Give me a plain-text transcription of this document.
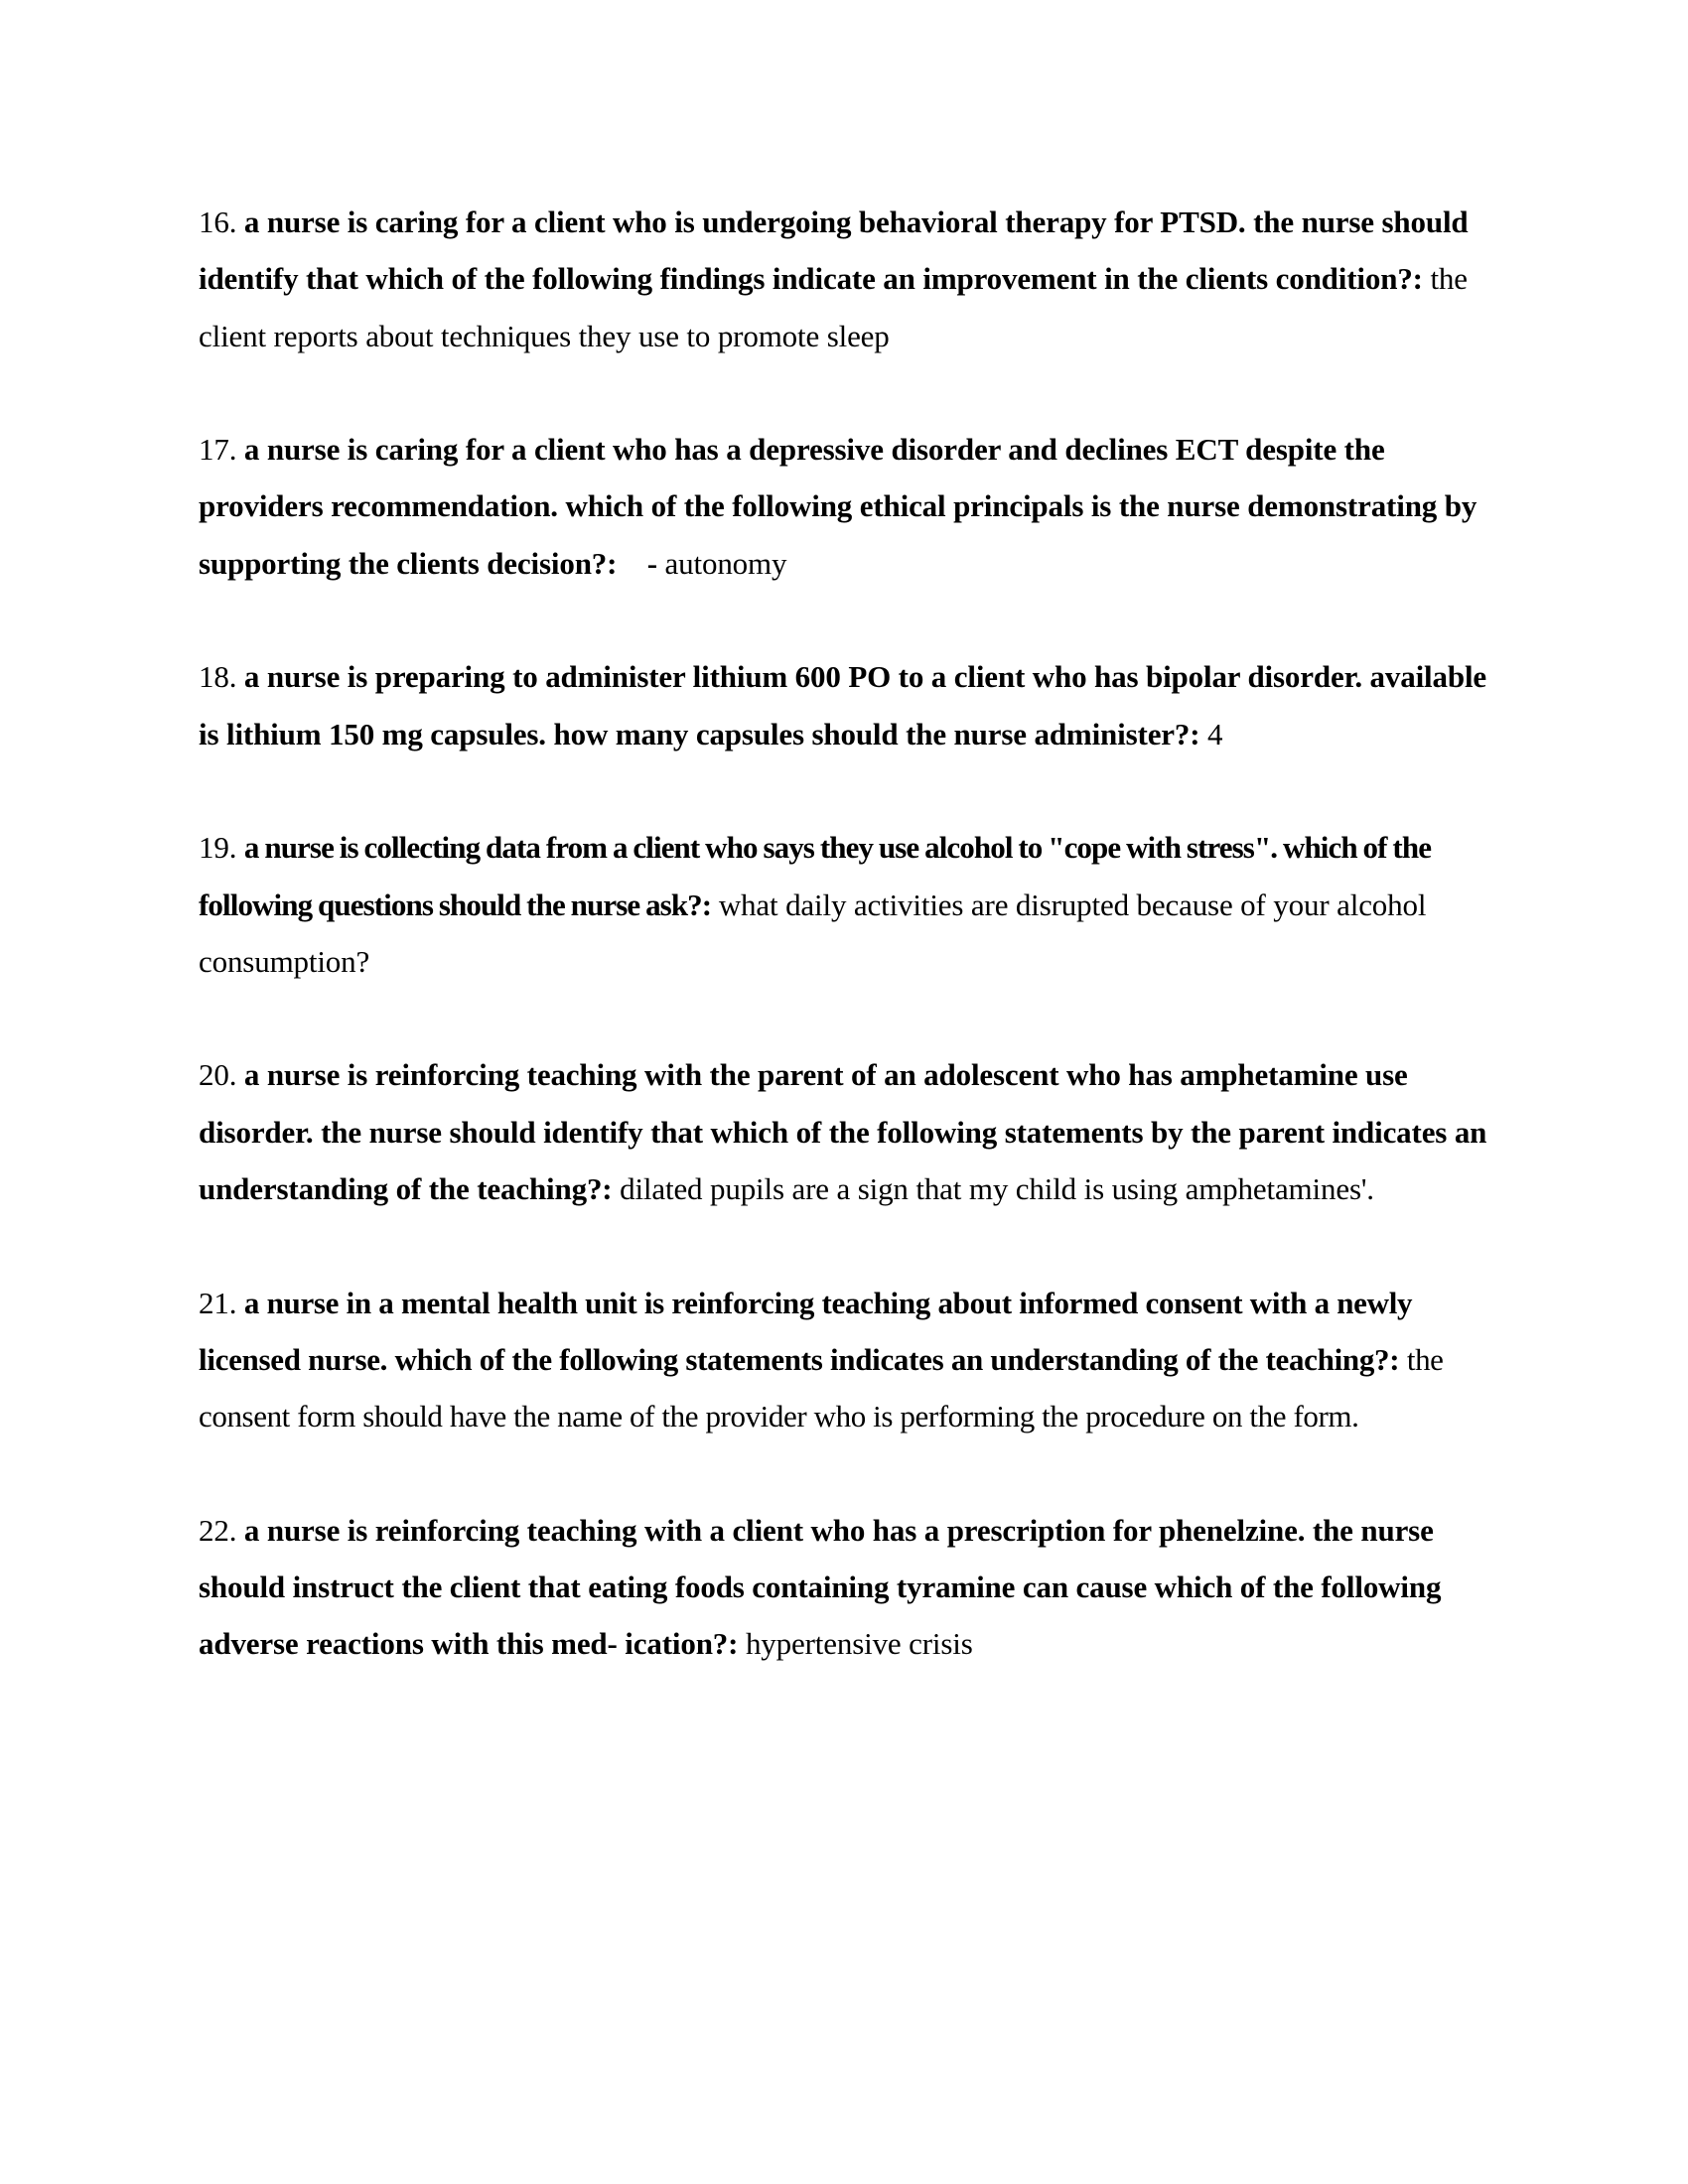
16. a nurse is caring for a client who is undergoing behavioral therapy for PTSD. the nurse should identify that which of the following findings indicate an improvement in the clients condition?: the client reports about techniques they use to promote sleep

17. a nurse is caring for a client who has a depressive disorder and declines ECT despite the providers recommendation. which of the following ethical principals is the nurse demonstrating by supporting the clients decision?: - autonomy

18. a nurse is preparing to administer lithium 600 PO to a client who has bipolar disorder. available is lithium 150 mg capsules. how many capsules should the nurse administer?: 4

19. a nurse is collecting data from a client who says they use alcohol to "cope with stress". which of the following questions should the nurse ask?: what daily activities are disrupted because of your alcohol consumption?

20. a nurse is reinforcing teaching with the parent of an adolescent who has amphetamine use disorder. the nurse should identify that which of the following statements by the parent indicates an understanding of the teaching?: dilated pupils are a sign that my child is using amphetamines'.

21. a nurse in a mental health unit is reinforcing teaching about informed consent with a newly licensed nurse. which of the following statements indicates an understanding of the teaching?: the consent form should have the name of the provider who is performing the procedure on the form.

22. a nurse is reinforcing teaching with a client who has a prescription for phenelzine. the nurse should instruct the client that eating foods containing tyramine can cause which of the following adverse reactions with this med- ication?: hypertensive crisis
